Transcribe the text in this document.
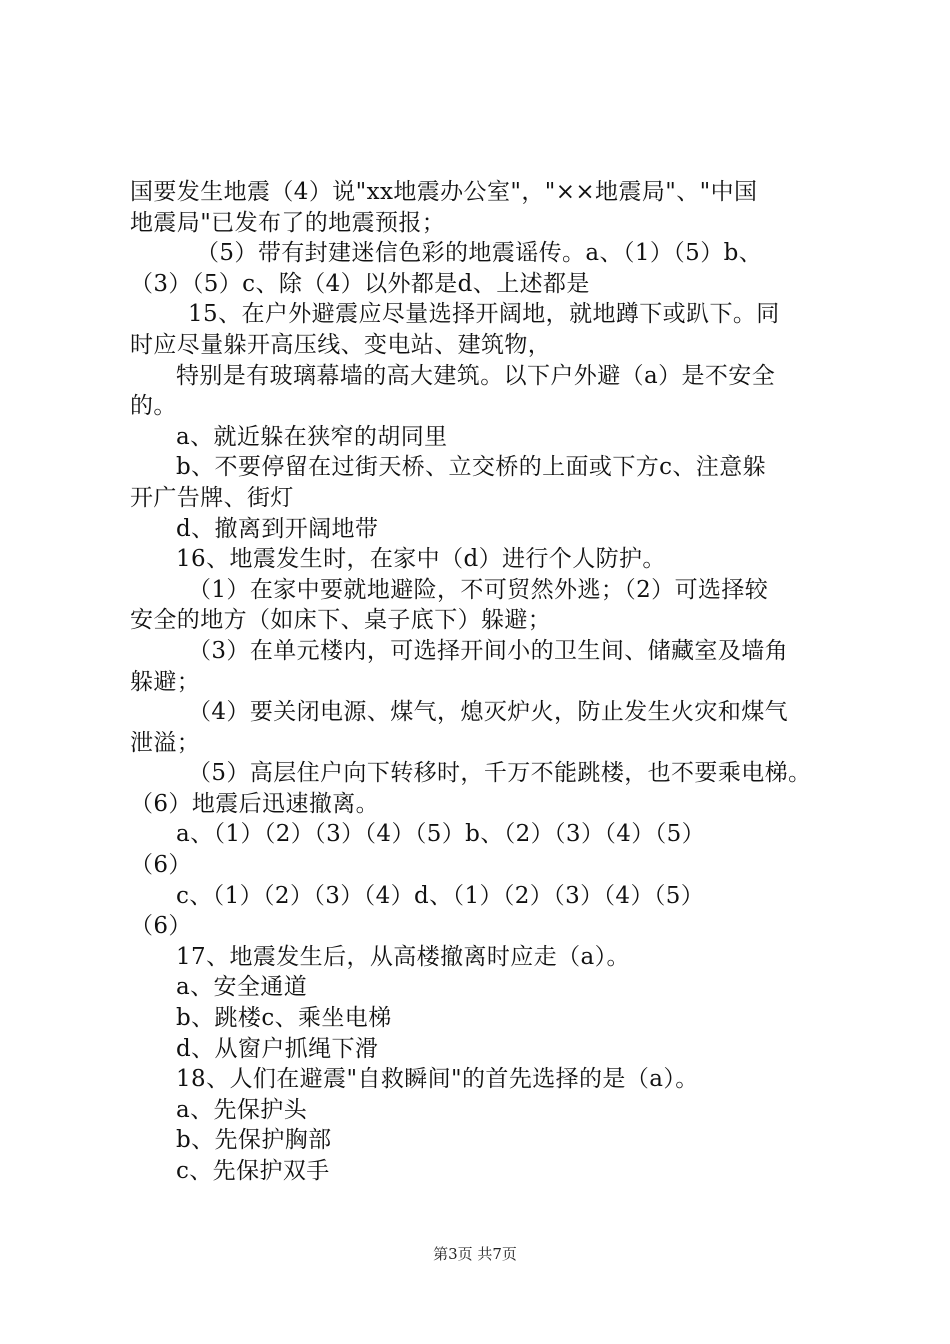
国要发生地震（4）说"xx地震办公室"，"××地震局"、"中国
地震局"已发布了的地震预报；
（5）带有封建迷信色彩的地震谣传。a、（1）（5）b、
（3）（5）c、除（4）以外都是d、上述都是
15、在户外避震应尽量选择开阔地，就地蹲下或趴下。同
时应尽量躲开高压线、变电站、建筑物，
特别是有玻璃幕墙的高大建筑。以下户外避（a）是不安全
的。
a、就近躲在狭窄的胡同里
b、不要停留在过街天桥、立交桥的上面或下方c、注意躲
开广告牌、街灯
d、撤离到开阔地带
16、地震发生时，在家中（d）进行个人防护。
（1）在家中要就地避险，不可贸然外逃；（2）可选择较
安全的地方（如床下、桌子底下）躲避；
（3）在单元楼内，可选择开间小的卫生间、储藏室及墙角
躲避；
（4）要关闭电源、煤气，熄灭炉火，防止发生火灾和煤气
泄溢；
（5）高层住户向下转移时，千万不能跳楼，也不要乘电梯。
（6）地震后迅速撤离。
a、（1）（2）（3）（4）（5）b、（2）（3）（4）（5）
（6）
c、（1）（2）（3）（4）d、（1）（2）（3）（4）（5）
（6）
17、地震发生后，从高楼撤离时应走（a）。
a、安全通道
b、跳楼c、乘坐电梯
d、从窗户抓绳下滑
18、人们在避震"自救瞬间"的首先选择的是（a）。
a、先保护头
b、先保护胸部
c、先保护双手
第3页 共7页
